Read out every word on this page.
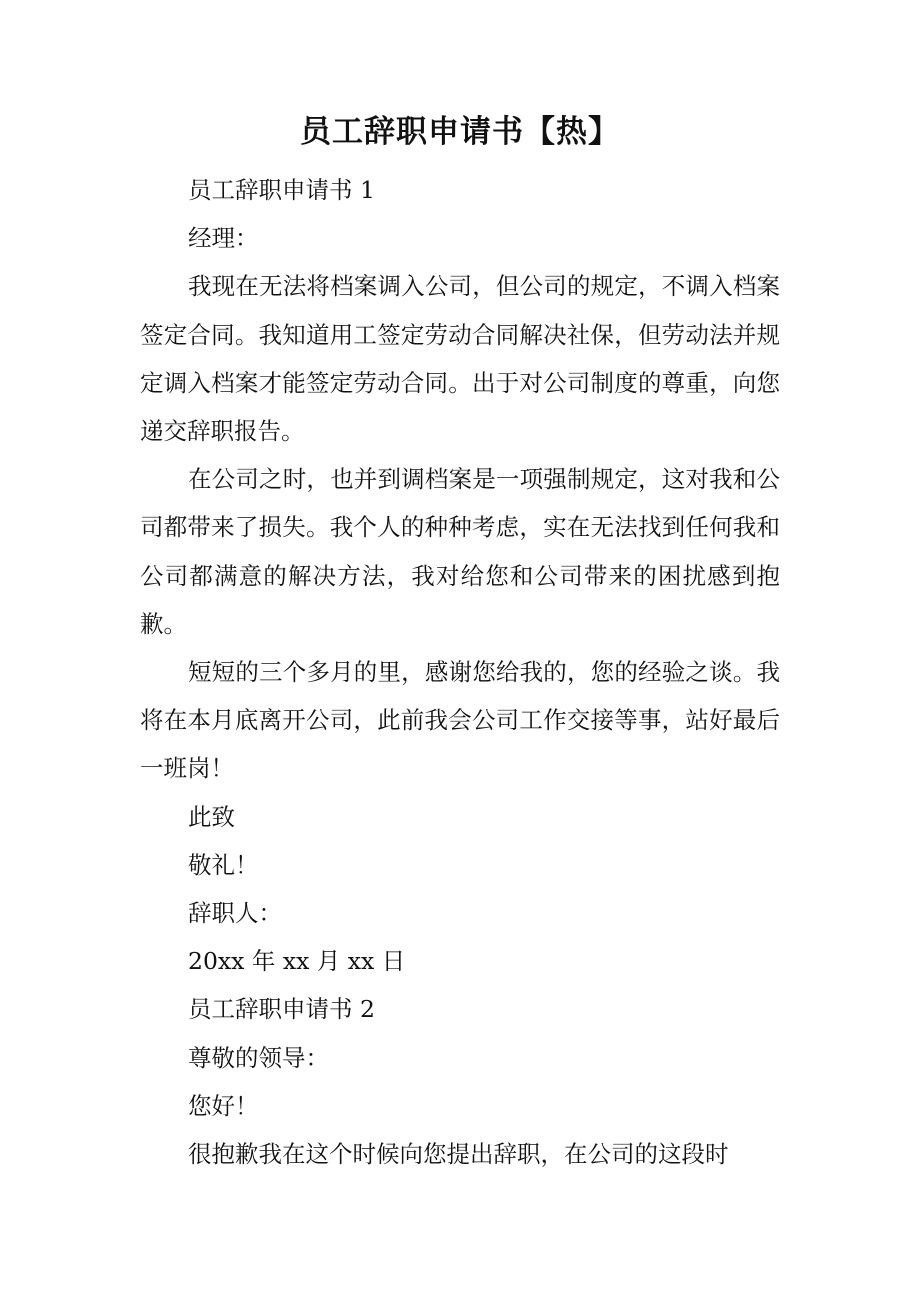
员工辞职申请书【热】

员工辞职申请书 1

经理：

我现在无法将档案调入公司，但公司的规定，不调入档案签定合同。我知道用工签定劳动合同解决社保，但劳动法并规定调入档案才能签定劳动合同。出于对公司制度的尊重，向您递交辞职报告。

在公司之时，也并到调档案是一项强制规定，这对我和公司都带来了损失。我个人的种种考虑，实在无法找到任何我和公司都满意的解决方法，我对给您和公司带来的困扰感到抱歉。

短短的三个多月的里，感谢您给我的，您的经验之谈。我将在本月底离开公司，此前我会公司工作交接等事，站好最后一班岗！

此致

敬礼！

辞职人：

20xx 年 xx 月 xx 日

员工辞职申请书 2

尊敬的领导：

您好！

很抱歉我在这个时候向您提出辞职，在公司的这段时
